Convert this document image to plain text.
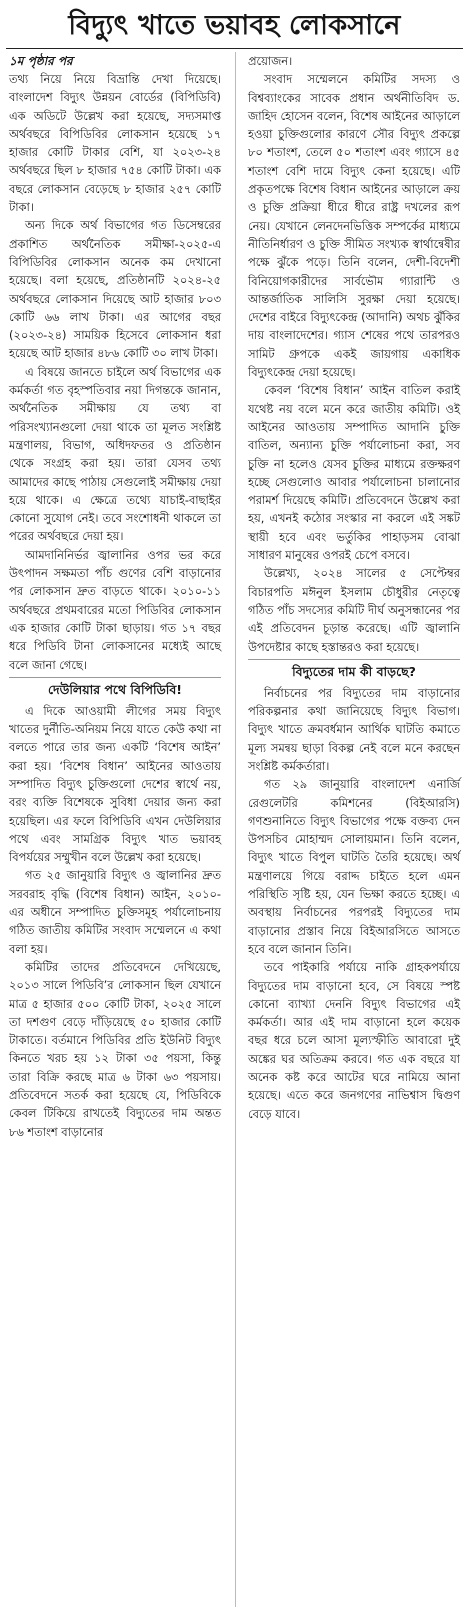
বিদ্যুৎ খাতে ভয়াবহ লোকসানে
১ম পৃষ্ঠার পর

তথ্য নিয়ে নিয়ে বিভ্রান্তি দেখা দিয়েছে। বাংলাদেশ বিদ্যুৎ উন্নয়ন বোর্ডের (বিপিডিবি) এক অডিটে উল্লেখ করা হয়েছে, সদ্যসমাপ্ত অর্থবছরে বিপিডিবির লোকসান হয়েছে ১৭ হাজার কোটি টাকার বেশি, যা ২০২৩-২৪ অর্থবছরে ছিল ৮ হাজার ৭৫৪ কোটি টাকা। এক বছরে লোকসান বেড়েছে ৮ হাজার ২৫৭ কোটি টাকা।

অন্য দিকে অর্থ বিভাগের গত ডিসেম্বরের প্রকাশিত অর্থনৈতিক সমীক্ষা-২০২৫-এ বিপিডিবির লোকসান অনেক কম দেখানো হয়েছে। বলা হয়েছে, প্রতিষ্ঠানটি ২০২৪-২৫ অর্থবছরে লোকসান দিয়েছে আট হাজার ৮০৩ কোটি ৬৬ লাখ টাকা। এর আগের বছর (২০২৩-২৪) সাময়িক হিসেবে লোকসান ধরা হয়েছে আট হাজার ৪৮৬ কোটি ৩০ লাখ টাকা।

এ বিষয়ে জানতে চাইলে অর্থ বিভাগের এক কর্মকর্তা গত বৃহস্পতিবার নয়া দিগন্তকে জানান, অর্থনৈতিক সমীক্ষায় যে তথ্য বা পরিসংখ্যানগুলো দেয়া থাকে তা মূলত সংশ্লিষ্ট মন্ত্রণালয়, বিভাগ, অধিদফতর ও প্রতিষ্ঠান থেকে সংগ্রহ করা হয়। তারা যেসব তথ্য আমাদের কাছে পাঠায় সেগুলোই সমীক্ষায় দেয়া হয়ে থাকে। এ ক্ষেত্রে তথ্যে যাচাই-বাছাইর কোনো সুযোগ নেই। তবে সংশোধনী থাকলে তা পরের অর্থবছরে দেয়া হয়।

আমদানিনির্ভর জ্বালানির ওপর ভর করে উৎপাদন সক্ষমতা পাঁচ গুণের বেশি বাড়ানোর পর লোকসান দ্রুত বাড়তে থাকে। ২০১০-১১ অর্থবছরে প্রথমবারের মতো পিডিবির লোকসান এক হাজার কোটি টাকা ছাড়ায়। গত ১৭ বছর ধরে পিডিবি টানা লোকসানের মধ্যেই আছে বলে জানা গেছে।

দেউলিয়ার পথে বিপিডিবি!

এ দিকে আওয়ামী লীগের সময় বিদ্যুৎ খাতের দুর্নীতি-অনিয়ম নিয়ে যাতে কেউ কথা না বলতে পারে তার জন্য একটি ‘বিশেষ আইন’ করা হয়। ‘বিশেষ বিধান’ আইনের আওতায় সম্পাদিত বিদ্যুৎ চুক্তিগুলো দেশের স্বার্থে নয়, বরং ব্যক্তি বিশেষকে সুবিধা দেয়ার জন্য করা হয়েছিল। এর ফলে বিপিডিবি এখন দেউলিয়ার পথে এবং সামগ্রিক বিদ্যুৎ খাত ভয়াবহ বিপর্যয়ের সম্মুখীন বলে উল্লেখ করা হয়েছে।

গত ২৫ জানুয়ারি বিদ্যুৎ ও জ্বালানির দ্রুত সরবরাহ বৃদ্ধি (বিশেষ বিধান) আইন, ২০১০-এর অধীনে সম্পাদিত চুক্তিসমূহ পর্যালোচনায় গঠিত জাতীয় কমিটির সংবাদ সম্মেলনে এ কথা বলা হয়।

কমিটির তাদের প্রতিবেদনে দেখিয়েছে, ২০১৩ সালে পিডিবি’র লোকসান ছিল যেখানে মাত্র ৫ হাজার ৫০০ কোটি টাকা, ২০২৫ সালে তা দশগুণ বেড়ে দাঁড়িয়েছে ৫০ হাজার কোটি টাকাতে। বর্তমানে পিডিবির প্রতি ইউনিট বিদ্যুৎ কিনতে খরচ হয় ১২ টাকা ৩৫ পয়সা, কিন্তু তারা বিক্রি করছে মাত্র ৬ টাকা ৬৩ পয়সায়। প্রতিবেদনে সতর্ক করা হয়েছে যে, পিডিবিকে কেবল টিকিয়ে রাখতেই বিদ্যুতের দাম অন্তত ৮৬ শতাংশ বাড়ানোর

প্রয়োজন।

সংবাদ সম্মেলনে কমিটির সদস্য ও বিশ্বব্যাংকের সাবেক প্রধান অর্থনীতিবিদ ড. জাহিদ হোসেন বলেন, বিশেষ আইনের আড়ালে হওয়া চুক্তিগুলোর কারণে সৌর বিদ্যুৎ প্রকল্পে ৮০ শতাংশ, তেলে ৫০ শতাংশ এবং গ্যাসে ৪৫ শতাংশ বেশি দামে বিদ্যুৎ কেনা হয়েছে। এটি প্রকৃতপক্ষে বিশেষ বিধান আইনের আড়ালে ক্রয় ও চুক্তি প্রক্রিয়া ধীরে ধীরে রাষ্ট্র দখলের রূপ নেয়। যেখানে লেনদেনভিত্তিক সম্পর্কের মাধ্যমে নীতিনির্ধারণ ও চুক্তি সীমিত সংখ্যক স্বার্থান্বেষীর পক্ষে ঝুঁকে পড়ে। তিনি বলেন, দেশী-বিদেশী বিনিয়োগকারীদের সার্বভৌম গ্যারান্টি ও আন্তর্জাতিক সালিসি সুরক্ষা দেয়া হয়েছে। দেশের বাইরে বিদ্যুৎকেন্দ্র (আদানি) অথচ ঝুঁকির দায় বাংলাদেশের। গ্যাস শেষের পথে তারপরও সামিট গ্রুপকে একই জায়গায় একাধিক বিদ্যুৎকেন্দ্র দেয়া হয়েছে।

কেবল ‘বিশেষ বিধান’ আইন বাতিল করাই যথেষ্ট নয় বলে মনে করে জাতীয় কমিটি। ওই আইনের আওতায় সম্পাদিত আদানি চুক্তি বাতিল, অন্যান্য চুক্তি পর্যালোচনা করা, সব চুক্তি না হলেও যেসব চুক্তির মাধ্যমে রক্তক্ষরণ হচ্ছে সেগুলোও আবার পর্যালোচনা চালানোর পরামর্শ দিয়েছে কমিটি। প্রতিবেদনে উল্লেখ করা হয়, এখনই কঠোর সংস্কার না করলে এই সঙ্কট স্থায়ী হবে এবং ভর্তুকির পাহাড়সম বোঝা সাধারণ মানুষের ওপরই চেপে বসবে।

উল্লেখ্য, ২০২৪ সালের ৫ সেপ্টেম্বর বিচারপতি মঈনুল ইসলাম চৌধুরীর নেতৃত্বে গঠিত পাঁচ সদস্যের কমিটি দীর্ঘ অনুসন্ধানের পর এই প্রতিবেদন চূড়ান্ত করেছে। এটি জ্বালানি উপদেষ্টার কাছে হস্তান্তরও করা হয়েছে।

বিদ্যুতের দাম কী বাড়ছে?

নির্বাচনের পর বিদ্যুতের দাম বাড়ানোর পরিকল্পনার কথা জানিয়েছে বিদ্যুৎ বিভাগ। বিদ্যুৎ খাতে ক্রমবর্ধমান আর্থিক ঘাটতি কমাতে মূল্য সমন্বয় ছাড়া বিকল্প নেই বলে মনে করছেন সংশ্লিষ্ট কর্মকর্তারা।

গত ২৯ জানুয়ারি বাংলাদেশ এনার্জি রেগুলেটরি কমিশনের (বিইআরসি) গণশুনানিতে বিদ্যুৎ বিভাগের পক্ষে বক্তব্য দেন উপসচিব মোহাম্মদ সোলায়মান। তিনি বলেন, বিদ্যুৎ খাতে বিপুল ঘাটতি তৈরি হয়েছে। অর্থ মন্ত্রণালয়ে গিয়ে বরাদ্দ চাইতে হলে এমন পরিস্থিতি সৃষ্টি হয়, যেন ভিক্ষা করতে হচ্ছে। এ অবস্থায় নির্বাচনের পরপরই বিদ্যুতের দাম বাড়ানোর প্রস্তাব নিয়ে বিইআরসিতে আসতে হবে বলে জানান তিনি।

তবে পাইকারি পর্যায়ে নাকি গ্রাহকপর্যায়ে বিদ্যুতের দাম বাড়ানো হবে, সে বিষয়ে স্পষ্ট কোনো ব্যাখ্যা দেননি বিদ্যুৎ বিভাগের এই কর্মকর্তা। আর এই দাম বাড়ানো হলে কয়েক বছর ধরে চলে আসা মূল্যস্ফীতি আবারো দুই অঙ্কের ঘর অতিক্রম করবে। গত এক বছরে যা অনেক কষ্ট করে আটের ঘরে নামিয়ে আনা হয়েছে। এতে করে জনগণের নাভিশ্বাস দ্বিগুণ বেড়ে যাবে।
